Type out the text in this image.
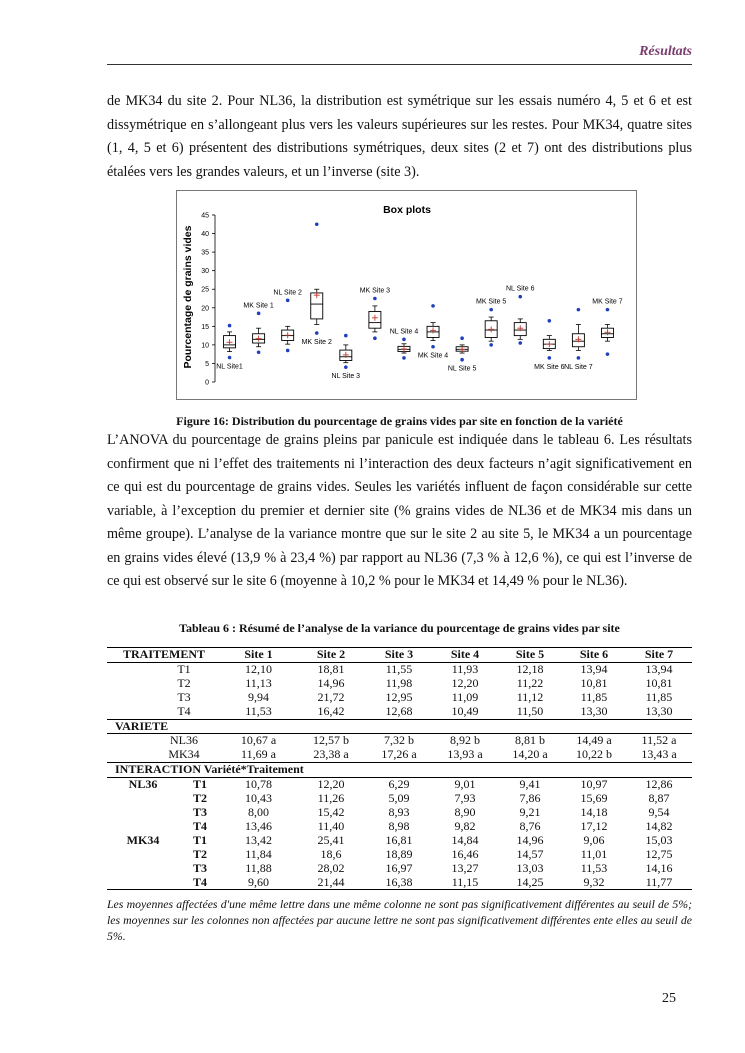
Résultats

de MK34 du site 2. Pour NL36, la distribution est symétrique sur les essais numéro 4, 5 et 6 et est dissymétrique en s’allongeant plus vers les valeurs supérieures sur les restes. Pour MK34, quatre sites (1, 4, 5 et 6) présentent des distributions symétriques, deux sites (2 et 7) ont des distributions plus étalées vers les grandes valeurs, et un l’inverse (site 3).

Box plots
Pourcentage de grains vides
0
5
10
15
20
25
30
35
40
45
NL Site1
MK Site 1
NL Site 2
MK Site 2
NL Site 3
MK Site 3
NL Site 4
MK Site 4
NL Site 5
MK Site 5
NL Site 6
MK Site 6 NL Site 7
MK Site 7
Figure 16: Distribution du pourcentage de grains vides par site en fonction de la variété

L’ANOVA du pourcentage de grains pleins par panicule est indiquée dans le tableau 6. Les résultats confirment que ni l’effet des traitements ni l’interaction des deux facteurs n’agit significativement en ce qui est du pourcentage de grains vides. Seules les variétés influent de façon considérable sur cette variable, à l’exception du premier et dernier site (% grains vides de NL36 et de MK34 mis dans un même groupe). L’analyse de la variance montre que sur le site 2 au site 5, le MK34 a un pourcentage en grains vides élevé (13,9 % à 23,4 %) par rapport au NL36 (7,3 % à 12,6 %), ce qui est l’inverse de ce qui est observé sur le site 6 (moyenne à 10,2 % pour le MK34 et 14,49 % pour le NL36).

Tableau 6 : Résumé de l’analyse de la variance du pourcentage de grains vides par site
TRAITEMENT		Site 1	Site 2	Site 3	Site 4	Site 5	Site 6	Site 7
T1		12,10	18,81	11,55	11,93	12,18	13,94	13,94
T2		11,13	14,96	11,98	12,20	11,22	10,81	10,81
T3		9,94	21,72	12,95	11,09	11,12	11,85	11,85
T4		11,53	16,42	12,68	10,49	11,50	13,30	13,30
VARIETE								
NL36		10,67 a	12,57 b	7,32 b	8,92 b	8,81 b	14,49 a	11,52 a
MK34		11,69 a	23,38 a	17,26 a	13,93 a	14,20 a	10,22 b	13,43 a
INTERACTION Variété*Traitement								
NL36	T1	10,78	12,20	6,29	9,01	9,41	10,97	12,86
	T2	10,43	11,26	5,09	7,93	7,86	15,69	8,87
	T3	8,00	15,42	8,93	8,90	9,21	14,18	9,54
	T4	13,46	11,40	8,98	9,82	8,76	17,12	14,82
MK34	T1	13,42	25,41	16,81	14,84	14,96	9,06	15,03
	T2	11,84	18,6	18,89	16,46	14,57	11,01	12,75
	T3	11,88	28,02	16,97	13,27	13,03	11,53	14,16
	T4	9,60	21,44	16,38	11,15	14,25	9,32	11,77

Les moyennes affectées d'une même lettre dans une même colonne ne sont pas significativement différentes au seuil de 5%; les moyennes sur les colonnes non affectées par aucune lettre ne sont pas significativement différentes ente elles au seuil de 5%.

25
